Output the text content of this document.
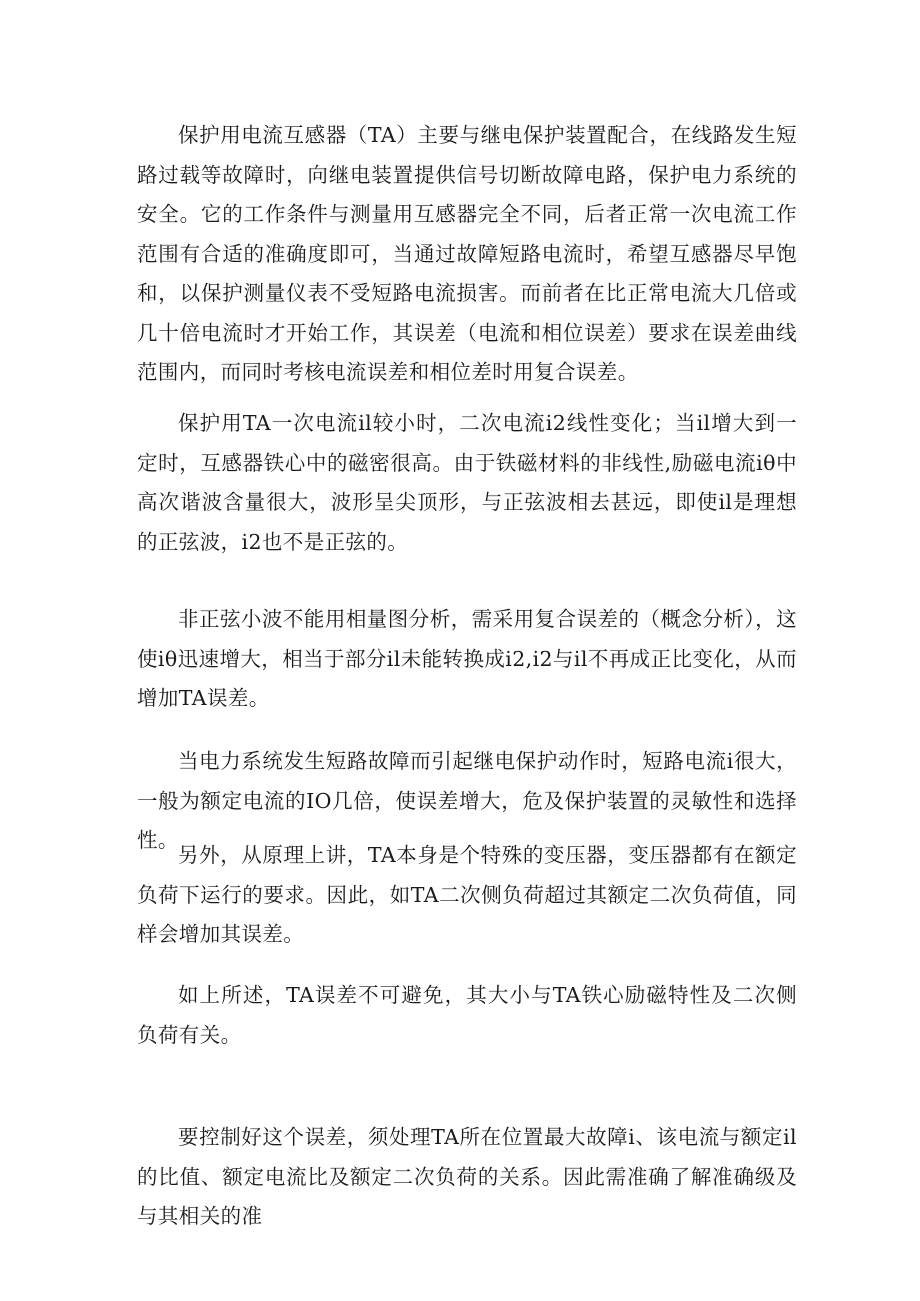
保护用电流互感器（TA）主要与继电保护装置配合，在线路发生短路过载等故障时，向继电装置提供信号切断故障电路，保护电力系统的安全。它的工作条件与测量用互感器完全不同，后者正常一次电流工作范围有合适的准确度即可，当通过故障短路电流时，希望互感器尽早饱和，以保护测量仪表不受短路电流损害。而前者在比正常电流大几倍或几十倍电流时才开始工作，其误差（电流和相位误差）要求在误差曲线范围内，而同时考核电流误差和相位差时用复合误差。

保护用TA一次电流il较小时，二次电流i2线性变化；当il增大到一定时，互感器铁心中的磁密很高。由于铁磁材料的非线性,励磁电流iθ中高次谐波含量很大，波形呈尖顶形，与正弦波相去甚远，即使il是理想的正弦波，i2也不是正弦的。

非正弦小波不能用相量图分析，需采用复合误差的（概念分析），这使iθ迅速增大，相当于部分il未能转换成i2,i2与il不再成正比变化，从而增加TA误差。

当电力系统发生短路故障而引起继电保护动作时，短路电流i很大，一般为额定电流的IO几倍，使误差增大，危及保护装置的灵敏性和选择性。

另外，从原理上讲，TA本身是个特殊的变压器，变压器都有在额定负荷下运行的要求。因此，如TA二次侧负荷超过其额定二次负荷值，同样会增加其误差。

如上所述，TA误差不可避免，其大小与TA铁心励磁特性及二次侧负荷有关。

要控制好这个误差，须处理TA所在位置最大故障i、该电流与额定il的比值、额定电流比及额定二次负荷的关系。因此需准确了解准确级及与其相关的准
